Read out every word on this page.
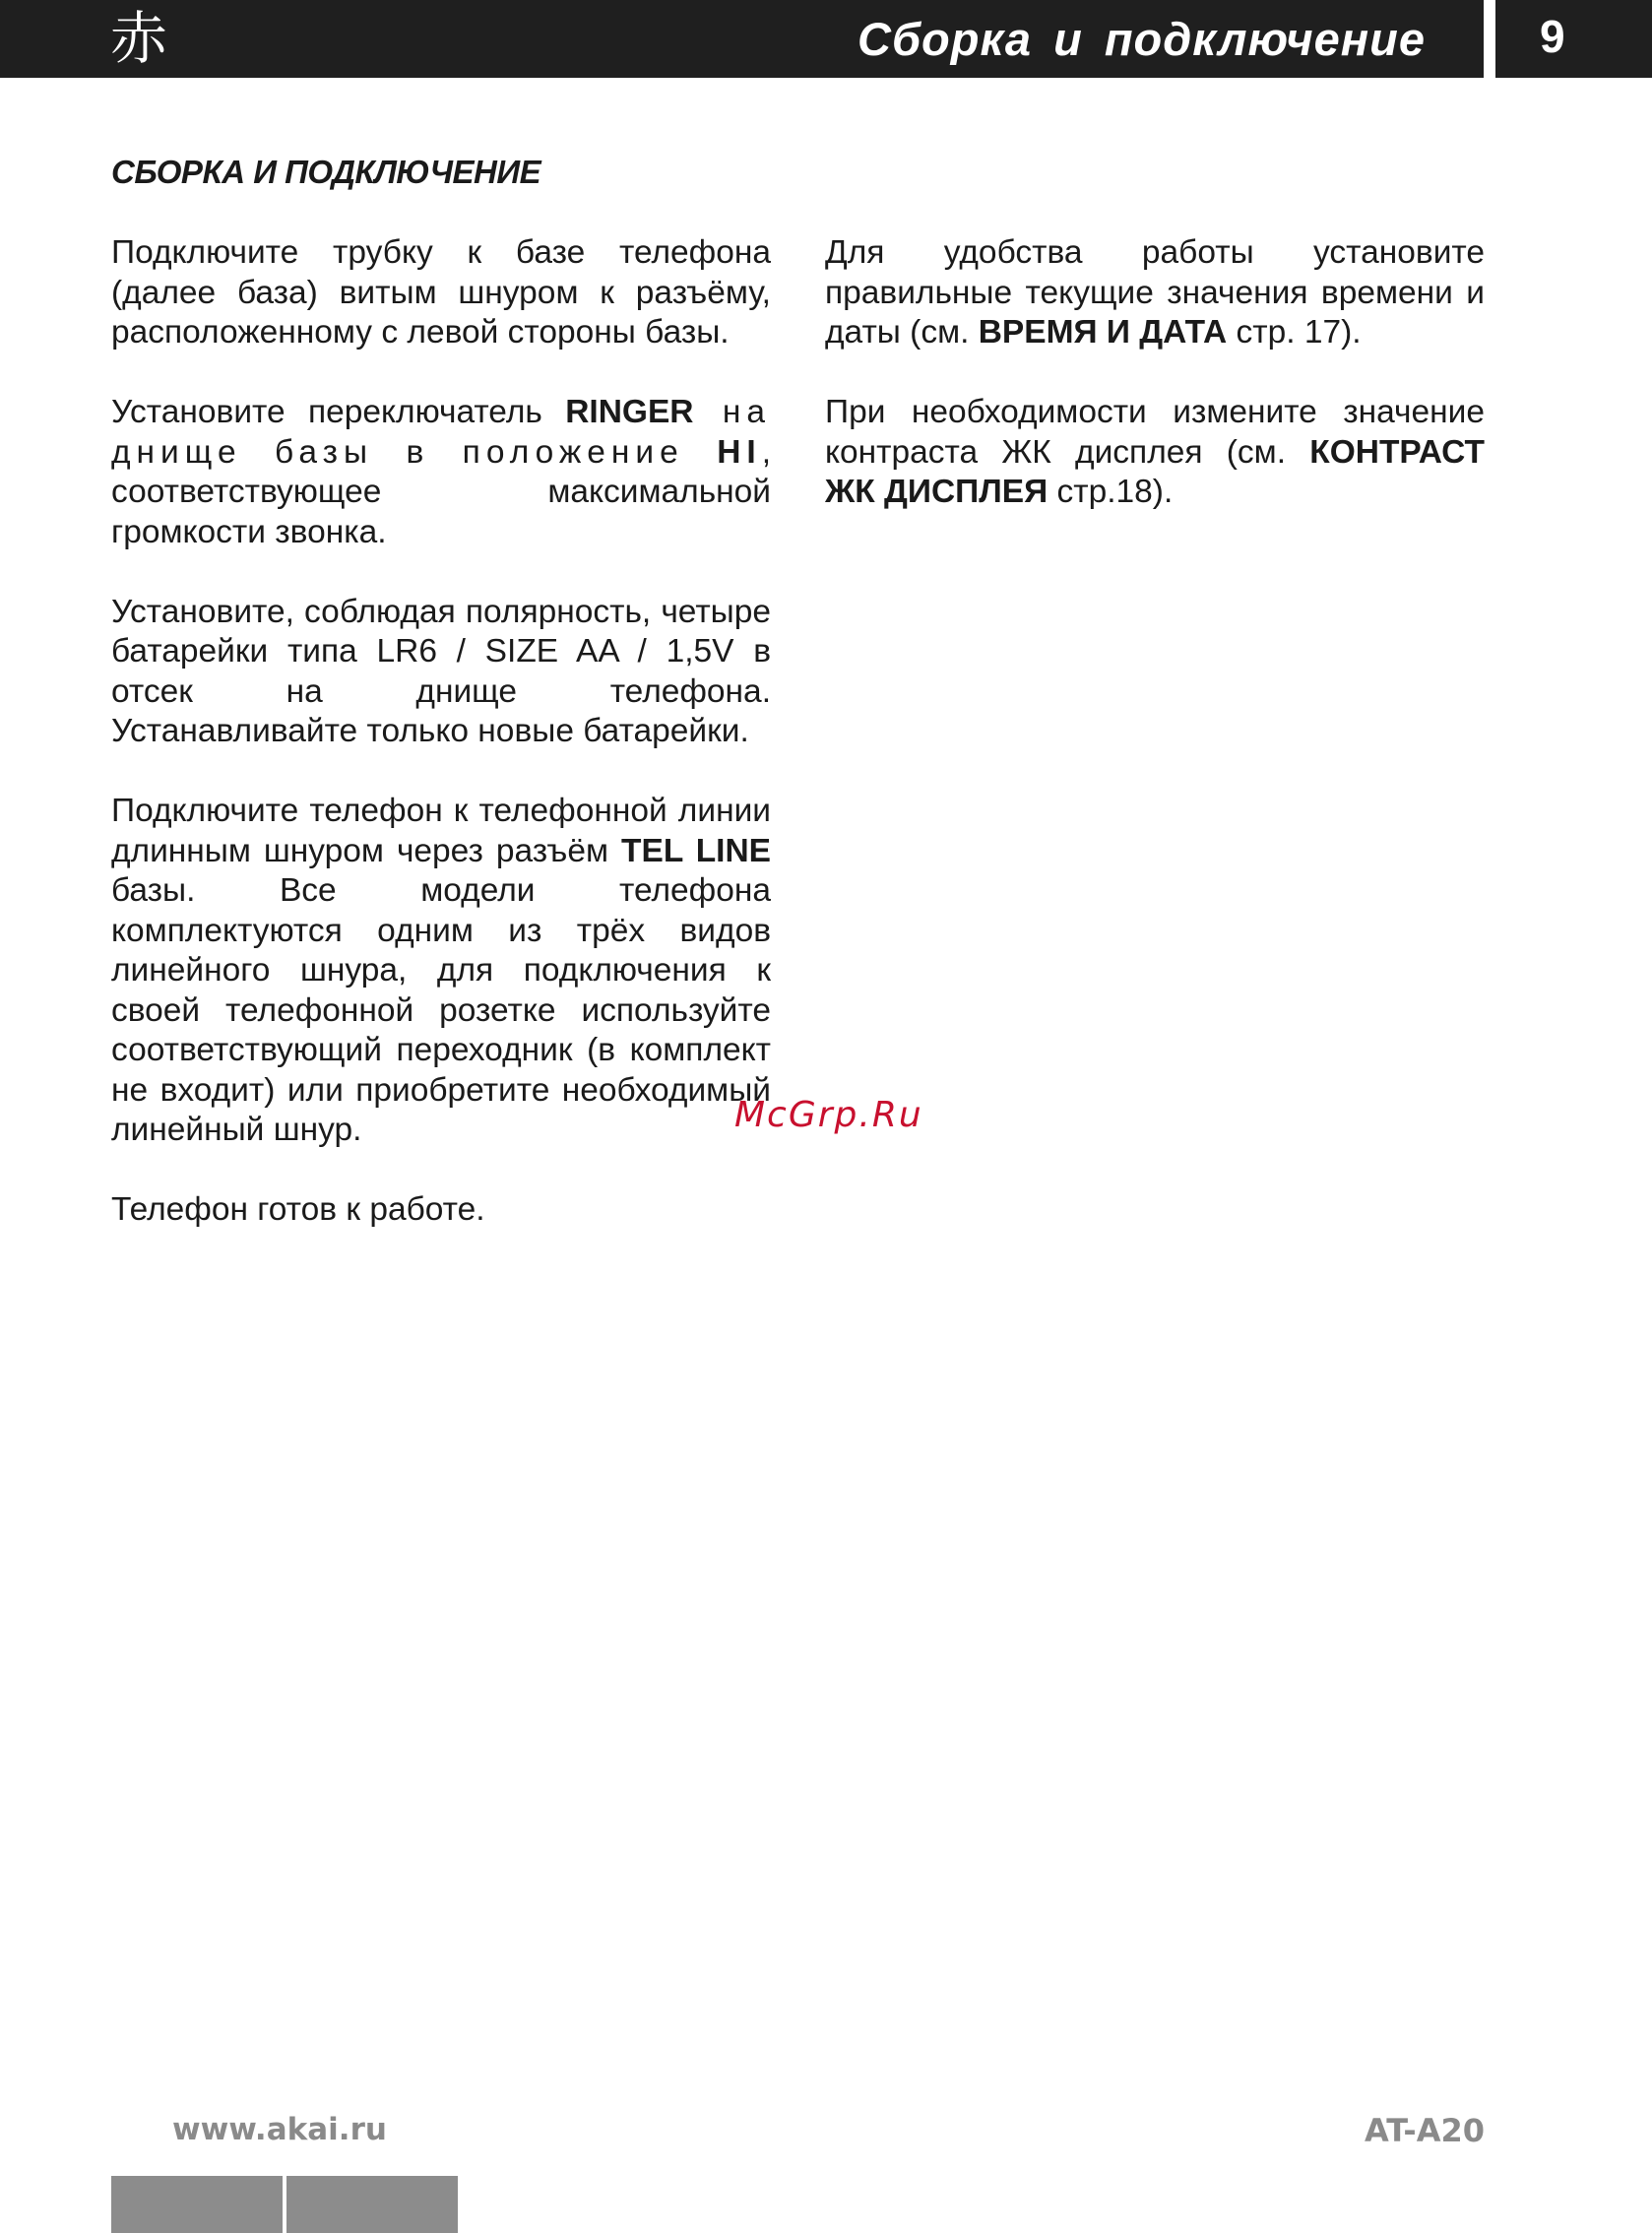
赤	Сборка и подключение	9
СБОРКА И ПОДКЛЮЧЕНИЕ

Подключите трубку к базе телефона (далее база) витым шнуром к разъёму, расположенному с левой стороны базы.

Установите переключатель RINGER на днище базы в положение HI, соответствующее максимальной громкости звонка.

Установите, соблюдая полярность, четыре батарейки типа LR6 / SIZE AA / 1,5V в отсек на днище телефона. Устанавливайте только новые батарейки.

Подключите телефон к телефонной линии длинным шнуром через разъём TEL LINE базы. Все модели телефона комплектуются одним из трёх видов линейного шнура, для подключения к своей телефонной розетке используйте соответствующий переходник (в комплект не входит) или приобретите необходимый линейный шнур.

Телефон готов к работе.

Для удобства работы установите правильные текущие значения времени и даты (см. ВРЕМЯ И ДАТА стр. 17).

При необходимости измените значение контраста ЖК дисплея (см. КОНТРАСТ ЖК ДИСПЛЕЯ стр.18).

McGrp.Ru
www.akai.ru	AT-A20
